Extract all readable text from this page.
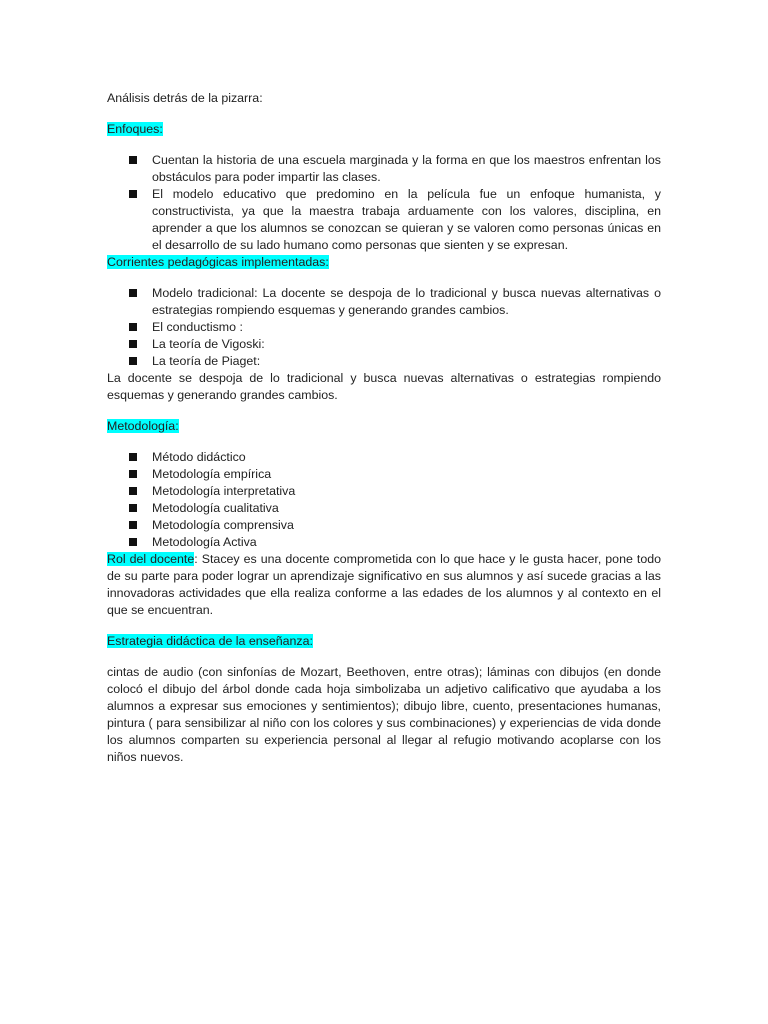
Análisis detrás de la pizarra:

Enfoques:

Cuentan la historia de una escuela marginada y la forma en que los maestros enfrentan los obstáculos para poder impartir las clases.
El modelo educativo que predomino en la película fue un enfoque humanista, y constructivista, ya que la maestra trabaja arduamente con los valores, disciplina, en aprender a que los alumnos se conozcan se quieran y se valoren como personas únicas en el desarrollo de su lado humano como personas que sienten y se expresan.

Corrientes pedagógicas implementadas:

Modelo tradicional: La docente se despoja de lo tradicional y busca nuevas alternativas o estrategias rompiendo esquemas y generando grandes cambios.
El conductismo :
La teoría de Vigoski:
La teoría de Piaget:

La docente se despoja de lo tradicional y busca nuevas alternativas o estrategias rompiendo esquemas y generando grandes cambios.

Metodología:

Método didáctico
Metodología empírica
Metodología interpretativa
Metodología cualitativa
Metodología comprensiva
Metodología Activa

Rol del docente: Stacey es una docente comprometida con lo que hace y le gusta hacer, pone todo de su parte para poder lograr un aprendizaje significativo en sus alumnos y así sucede gracias a las innovadoras actividades que ella realiza conforme a las edades de los alumnos y al contexto en el que se encuentran.

Estrategia didáctica de la enseñanza:

cintas de audio (con sinfonías de Mozart, Beethoven, entre otras); láminas con dibujos (en donde colocó el dibujo del árbol donde cada hoja simbolizaba un adjetivo calificativo que ayudaba a los alumnos a expresar sus emociones y sentimientos); dibujo libre, cuento, presentaciones humanas, pintura ( para sensibilizar al niño con los colores y sus combinaciones) y experiencias de vida donde los alumnos comparten su experiencia personal al llegar al refugio motivando acoplarse con los niños nuevos.
